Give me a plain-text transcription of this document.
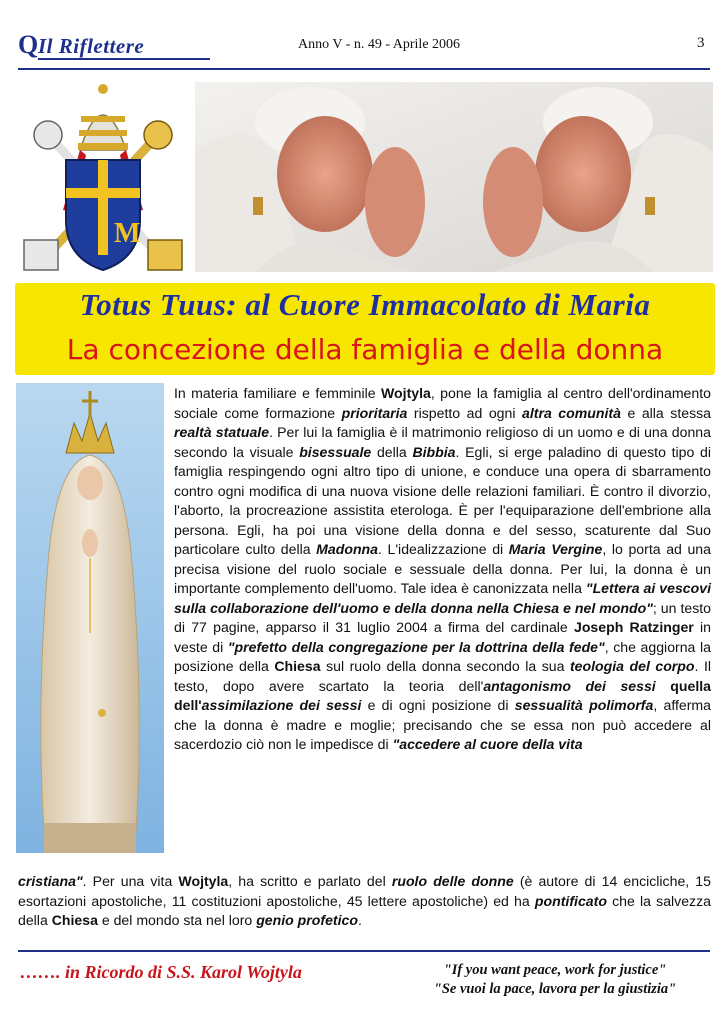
Q Il Riflettere	Anno V - n. 49 - Aprile 2006	3
M
Totus Tuus: al Cuore Immacolato di Maria
La concezione della famiglia e della donna

In materia familiare e femminile Wojtyla, pone la famiglia al centro dell'ordinamento sociale come formazione prioritaria rispetto ad ogni altra comunità e alla stessa realtà statuale. Per lui la famiglia è il matrimonio religioso di un uomo e di una donna secondo la visuale bisessuale della Bibbia. Egli, si erge paladino di questo tipo di famiglia respingendo ogni altro tipo di unione, e conduce una opera di sbarramento contro ogni modifica di una nuova visione delle relazioni familiari. È contro il divorzio, l'aborto, la procreazione assistita eterologa. È per l'equiparazione dell'embrione alla persona. Egli, ha poi una visione della donna e del sesso, scaturente dal Suo particolare culto della Madonna. L'idealizzazione di Maria Vergine, lo porta ad una precisa visione del ruolo sociale e sessuale della donna. Per lui, la donna è un importante complemento dell'uomo. Tale idea è canonizzata nella "Lettera ai vescovi sulla collaborazione dell'uomo e della donna nella Chiesa e nel mondo"; un testo di 77 pagine, apparso il 31 luglio 2004 a firma del cardinale Joseph Ratzinger in veste di "prefetto della congregazione per la dottrina della fede", che aggiorna la posizione della Chiesa sul ruolo della donna secondo la sua teologia del corpo. Il testo, dopo avere scartato la teoria dell'antagonismo dei sessi quella dell'assimilazione dei sessi e di ogni posizione di sessualità polimorfa, afferma che la donna è madre e moglie; precisando che se essa non può accedere al sacerdozio ciò non le impedisce di "accedere al cuore della vita

cristiana". Per una vita Wojtyla, ha scritto e parlato del ruolo delle donne (è autore di 14 encicliche, 15 esortazioni apostoliche, 11 costituzioni apostoliche, 45 lettere apostoliche) ed ha pontificato che la salvezza della Chiesa e del mondo sta nel loro genio profetico.

……. in Ricordo di S.S. Karol Wojtyla	"If you want peace, work for justice"
"Se vuoi la pace, lavora per la giustizia"
